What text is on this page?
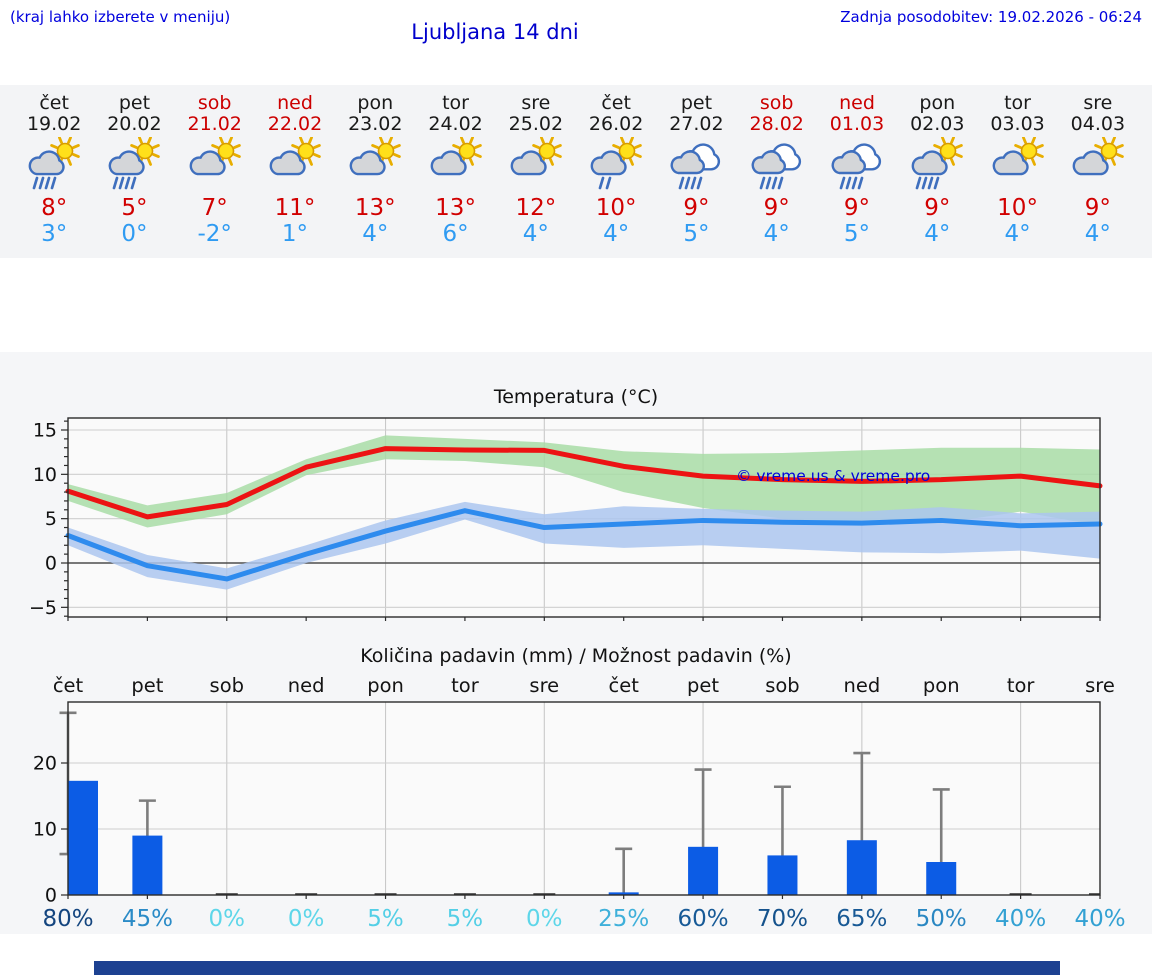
(kraj lahko izberete v meniju)
Ljubljana 14 dni
Zadnja posodobitev: 19.02.2026 - 06:24
čet
19.02
8°
3°
pet
20.02
5°
0°
sob
21.02
7°
-2°
ned
22.02
11°
1°
pon
23.02
13°
4°
tor
24.02
13°
6°
sre
25.02
12°
4°
čet
26.02
10°
4°
pet
27.02
9°
5°
sob
28.02
9°
4°
ned
01.03
9°
5°
pon
02.03
9°
4°
tor
03.03
10°
4°
sre
04.03
9°
4°
Temperatura (°C)
−5
0
5
10
15
© vreme.us & vreme.pro
Količina padavin (mm) / Možnost padavin (%)
čet pet sob ned pon tor	sre	čet pet sob ned pon tor	sre
0
10
20
80% 45% 0% 0% 5% 5% 0% 25% 60% 70% 65% 50% 40% 40%
